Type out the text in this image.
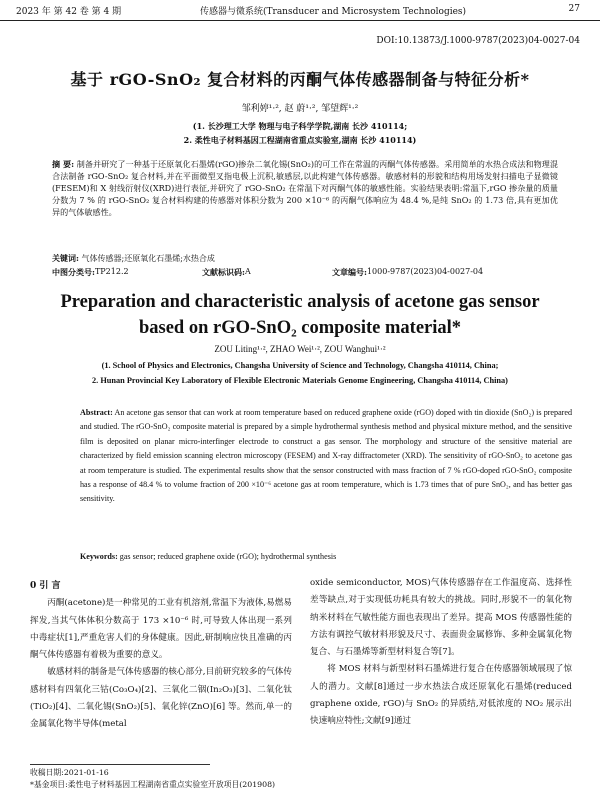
2023 年 第 42 卷 第 4 期	传感器与微系统(Transducer and Microsystem Technologies)	27
DOI:10.13873/J.1000-9787(2023)04-0027-04
基于 rGO-SnO₂ 复合材料的丙酮气体传感器制备与特征分析*
邹利婷¹·², 赵 蔚¹·², 邹望辉¹·²
(1. 长沙理工大学 物理与电子科学学院,湖南 长沙 410114;
2. 柔性电子材料基因工程湖南省重点实验室,湖南 长沙 410114)
摘 要: 制备并研究了一种基于还原氧化石墨烯(rGO)掺杂二氧化锡(SnO₂)的可工作在常温的丙酮气体传感器。采用简单的水热合成法和物理混合法制备 rGO-SnO₂ 复合材料,并在平面微型叉指电极上沉积,敏感层,以此构建气体传感器。敏感材料的形貌和结构用场发射扫描电子显微镜(FESEM)和 X 射线衍射仪(XRD)进行表征,并研究了 rGO-SnO₂ 在常温下对丙酮气体的敏感性能。实验结果表明:常温下,rGO 掺杂量的质量分数为 7 % 的 rGO-SnO₂ 复合材料构建的传感器对体积分数为 200 ×10⁻⁶ 的丙酮气体响应为 48.4 %,是纯 SnO₂ 的 1.73 倍,具有更加优异的气体敏感性。
关键词: 气体传感器;还原氧化石墨烯;水热合成
中图分类号: TP212.2	文献标识码: A	文章编号: 1000-9787(2023)04-0027-04
Preparation and characteristic analysis of acetone gas sensor
based on rGO-SnO₂ composite material*
ZOU Liting¹·², ZHAO Wei¹·², ZOU Wanghui¹·²
(1. School of Physics and Electronics, Changsha University of Science and Technology, Changsha 410114, China;
2. Hunan Provincial Key Laboratory of Flexible Electronic Materials Genome Engineering, Changsha 410114, China)
Abstract: An acetone gas sensor that can work at room temperature based on reduced graphene oxide (rGO) doped with tin dioxide (SnO₂) is prepared and studied. The rGO-SnO₂ composite material is prepared by a simple hydrothermal synthesis method and physical mixture method, and the sensitive film is deposited on planar micro-interfinger electrode to construct a gas sensor. The morphology and structure of the sensitive material are characterized by field emission scanning electron microscopy (FESEM) and X-ray diffractometer (XRD). The sensitivity of rGO-SnO₂ to acetone gas at room temperature is studied. The experimental results show that the sensor constructed with mass fraction of 7 % rGO-doped rGO-SnO₂ composite has a response of 48.4 % to volume fraction of 200 ×10⁻⁶ acetone gas at room temperature, which is 1.73 times that of pure SnO₂, and has better gas sensitivity.
Keywords: gas sensor; reduced graphene oxide (rGO); hydrothermal synthesis
0 引 言

丙酮(acetone)是一种常见的工业有机溶剂,常温下为液体,易燃易挥发,当其气体体积分数高于 173 ×10⁻⁶ 时,可导致人体出现一系列中毒症状[1],严重危害人们的身体健康。因此,研制响应快且准确的丙酮气体传感器有着极为重要的意义。

敏感材料的制备是气体传感器的核心部分,目前研究较多的气体传感材料有四氧化三钴(Co₃O₄)[2]、三氧化二铟(In₂O₃)[3]、二氧化钛(TiO₂)[4]、二氧化锡(SnO₂)[5]、氧化锌(ZnO)[6] 等。然而,单一的金属氧化物半导体(metal

oxide semiconductor, MOS)气体传感器存在工作温度高、选择性差等缺点,对于实现低功耗具有较大的挑战。同时,形貌不一的氧化物纳米材料在气敏性能方面也表现出了差异。提高 MOS 传感器性能的方法有调控气敏材料形貌及尺寸、表面贵金属修饰、多种金属氧化物复合、与石墨烯等新型材料复合等[7]。

将 MOS 材料与新型材料石墨烯进行复合在传感器领域展现了惊人的潜力。文献[8]通过一步水热法合成还原氧化石墨烯(reduced graphene oxide, rGO)与 SnO₂ 的异质结,对低浓度的 NO₂ 展示出快速响应特性;文献[9]通过

收稿日期:2021-01-16
*基金项目:柔性电子材料基因工程湖南省重点实验室开放项目(201908)
